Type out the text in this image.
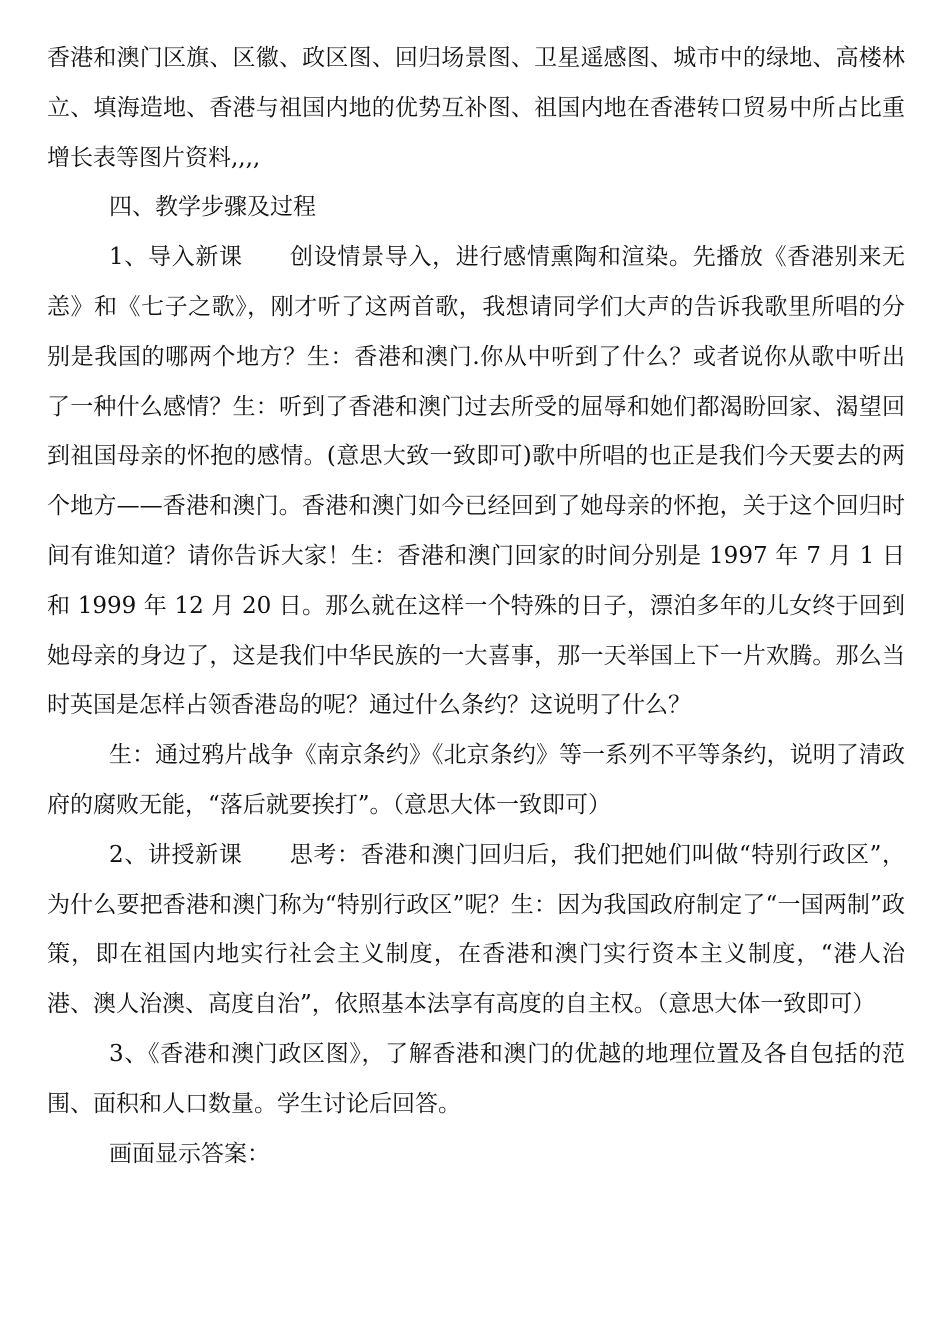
香港和澳门区旗、区徽、政区图、回归场景图、卫星遥感图、城市中的绿地、高楼林立、填海造地、香港与祖国内地的优势互补图、祖国内地在香港转口贸易中所占比重增长表等图片资料,,,,

四、教学步骤及过程

1、导入新课　　创设情景导入，进行感情熏陶和渲染。先播放《香港别来无恙》和《七子之歌》，刚才听了这两首歌，我想请同学们大声的告诉我歌里所唱的分别是我国的哪两个地方？生：香港和澳门.你从中听到了什么？或者说你从歌中听出了一种什么感情？生：听到了香港和澳门过去所受的屈辱和她们都渴盼回家、渴望回到祖国母亲的怀抱的感情。(意思大致一致即可)歌中所唱的也正是我们今天要去的两个地方——香港和澳门。香港和澳门如今已经回到了她母亲的怀抱，关于这个回归时间有谁知道？请你告诉大家！生：香港和澳门回家的时间分别是 1997 年 7 月 1 日和 1999 年 12 月 20 日。那么就在这样一个特殊的日子，漂泊多年的儿女终于回到她母亲的身边了，这是我们中华民族的一大喜事，那一天举国上下一片欢腾。那么当时英国是怎样占领香港岛的呢？通过什么条约？这说明了什么？

生：通过鸦片战争《南京条约》《北京条约》等一系列不平等条约，说明了清政府的腐败无能，“落后就要挨打”。（意思大体一致即可）

2、讲授新课　　思考：香港和澳门回归后，我们把她们叫做“特别行政区”，为什么要把香港和澳门称为“特别行政区”呢？生：因为我国政府制定了“一国两制”政策，即在祖国内地实行社会主义制度，在香港和澳门实行资本主义制度，“港人治港、澳人治澳、高度自治”，依照基本法享有高度的自主权。（意思大体一致即可）

3、《香港和澳门政区图》，了解香港和澳门的优越的地理位置及各自包括的范围、面积和人口数量。学生讨论后回答。

画面显示答案：
